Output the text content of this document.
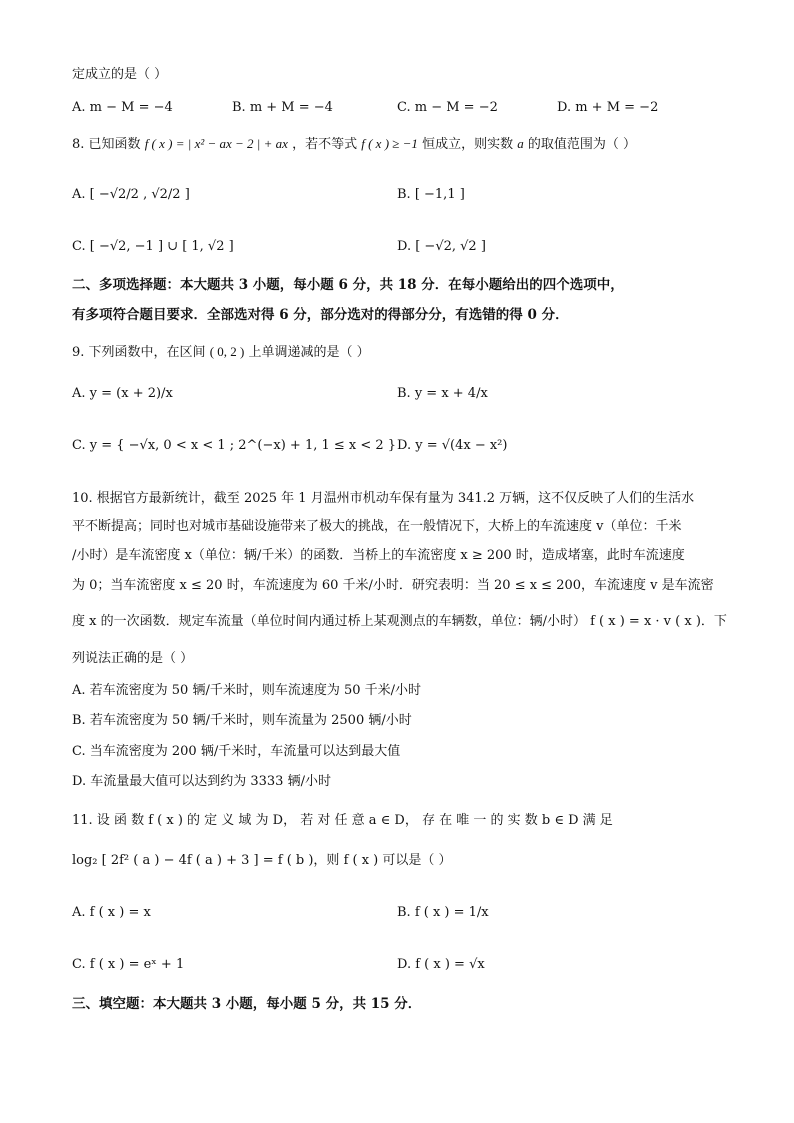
定成立的是（ ）
A. m − M = −4	B. m + M = −4	C. m − M = −2	D. m + M = −2
8. 已知函数 f ( x ) = | x² − ax − 2 | + ax ，若不等式 f ( x ) ≥ −1 恒成立，则实数 a 的取值范围为（ ）
A. [ −√2/2 , √2/2 ]	B. [ −1,1 ]
C. [ −√2, −1 ] ∪ [ 1, √2 ]	D. [ −√2, √2 ]
二、多项选择题：本大题共 3 小题，每小题 6 分，共 18 分．在每小题给出的四个选项中，
有多项符合题目要求．全部选对得 6 分，部分选对的得部分分，有选错的得 0 分．
9. 下列函数中，在区间 ( 0, 2 ) 上单调递减的是（ ）
A. y = (x + 2)/x	B. y = x + 4/x
C. y = { −√x, 0 < x < 1 ; 2^(−x) + 1, 1 ≤ x < 2 } D. y = √(4x − x²)
10. 根据官方最新统计，截至 2025 年 1 月温州市机动车保有量为 341.2 万辆，这不仅反映了人们的生活水
平不断提高；同时也对城市基础设施带来了极大的挑战，在一般情况下，大桥上的车流速度 v（单位：千米
/小时）是车流密度 x（单位：辆/千米）的函数．当桥上的车流密度 x ≥ 200 时，造成堵塞，此时车流速度
为 0；当车流密度 x ≤ 20 时，车流速度为 60 千米/小时．研究表明：当 20 ≤ x ≤ 200，车流速度 v 是车流密
度 x 的一次函数．规定车流量（单位时间内通过桥上某观测点的车辆数，单位：辆/小时） f ( x ) = x · v ( x )．下
列说法正确的是（ ）
A. 若车流密度为 50 辆/千米时，则车流速度为 50 千米/小时
B. 若车流密度为 50 辆/千米时，则车流量为 2500 辆/小时
C. 当车流密度为 200 辆/千米时，车流量可以达到最大值
D. 车流量最大值可以达到约为 3333 辆/小时
11. 设 函 数 f ( x ) 的 定 义 域 为 D， 若 对 任 意 a ∈ D， 存 在 唯 一 的 实 数 b ∈ D 满 足
log₂ [ 2f² ( a ) − 4f ( a ) + 3 ] = f ( b )，则 f ( x ) 可以是（ ）
A. f ( x ) = x	B. f ( x ) = 1/x
C. f ( x ) = eˣ + 1	D. f ( x ) = √x
三、填空题：本大题共 3 小题，每小题 5 分，共 15 分．
